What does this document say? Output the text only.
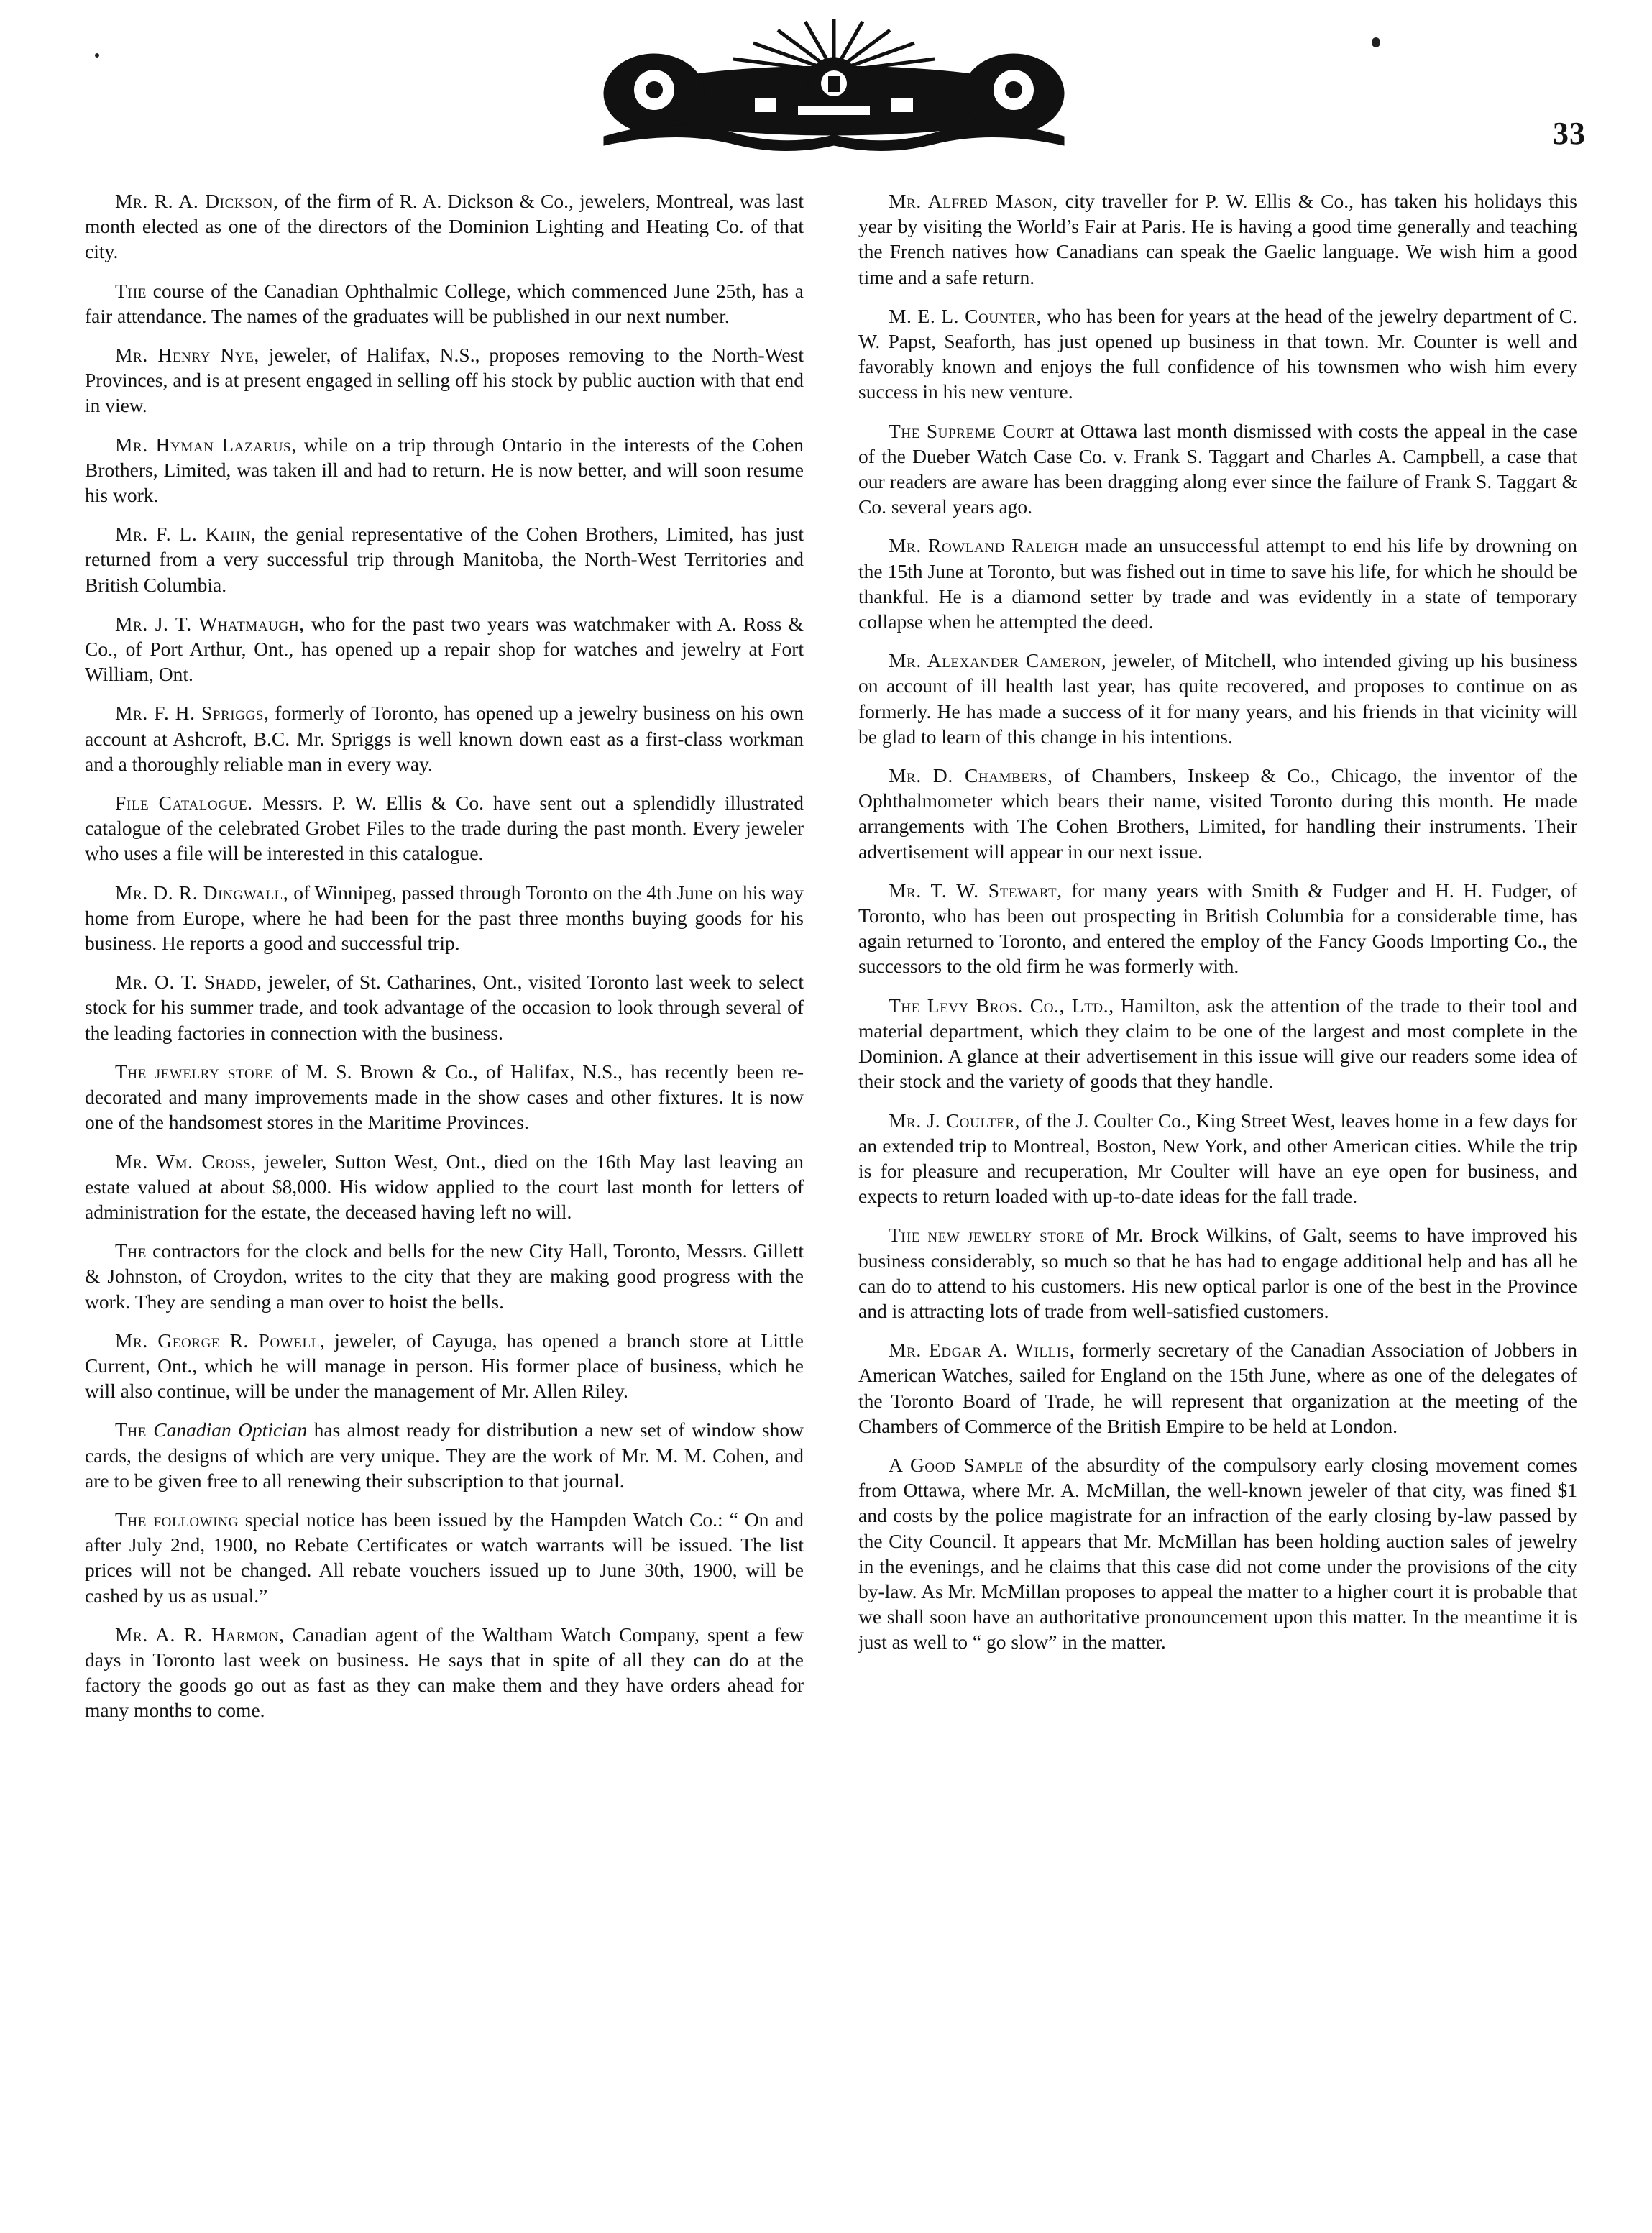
33

Mr. R. A. Dickson, of the firm of R. A. Dickson & Co., jewelers, Montreal, was last month elected as one of the directors of the Dominion Lighting and Heating Co. of that city.

The course of the Canadian Ophthalmic College, which commenced June 25th, has a fair attendance. The names of the graduates will be published in our next number.

Mr. Henry Nye, jeweler, of Halifax, N.S., proposes removing to the North-West Provinces, and is at present engaged in selling off his stock by public auction with that end in view.

Mr. Hyman Lazarus, while on a trip through Ontario in the interests of the Cohen Brothers, Limited, was taken ill and had to return. He is now better, and will soon resume his work.

Mr. F. L. Kahn, the genial representative of the Cohen Brothers, Limited, has just returned from a very successful trip through Manitoba, the North-West Territories and British Columbia.

Mr. J. T. Whatmaugh, who for the past two years was watchmaker with A. Ross & Co., of Port Arthur, Ont., has opened up a repair shop for watches and jewelry at Fort William, Ont.

Mr. F. H. Spriggs, formerly of Toronto, has opened up a jewelry business on his own account at Ashcroft, B.C. Mr. Spriggs is well known down east as a first-class workman and a thoroughly reliable man in every way.

File Catalogue. Messrs. P. W. Ellis & Co. have sent out a splendidly illustrated catalogue of the celebrated Grobet Files to the trade during the past month. Every jeweler who uses a file will be interested in this catalogue.

Mr. D. R. Dingwall, of Winnipeg, passed through Toronto on the 4th June on his way home from Europe, where he had been for the past three months buying goods for his business. He reports a good and successful trip.

Mr. O. T. Shadd, jeweler, of St. Catharines, Ont., visited Toronto last week to select stock for his summer trade, and took advantage of the occasion to look through several of the leading factories in connection with the business.

The jewelry store of M. S. Brown & Co., of Halifax, N.S., has recently been re-decorated and many improvements made in the show cases and other fixtures. It is now one of the handsomest stores in the Maritime Provinces.

Mr. Wm. Cross, jeweler, Sutton West, Ont., died on the 16th May last leaving an estate valued at about $8,000. His widow applied to the court last month for letters of administration for the estate, the deceased having left no will.

The contractors for the clock and bells for the new City Hall, Toronto, Messrs. Gillett & Johnston, of Croydon, writes to the city that they are making good progress with the work. They are sending a man over to hoist the bells.

Mr. George R. Powell, jeweler, of Cayuga, has opened a branch store at Little Current, Ont., which he will manage in person. His former place of business, which he will also continue, will be under the management of Mr. Allen Riley.

The Canadian Optician has almost ready for distribution a new set of window show cards, the designs of which are very unique. They are the work of Mr. M. M. Cohen, and are to be given free to all renewing their subscription to that journal.

The following special notice has been issued by the Hampden Watch Co.: “ On and after July 2nd, 1900, no Rebate Certificates or watch warrants will be issued. The list prices will not be changed. All rebate vouchers issued up to June 30th, 1900, will be cashed by us as usual.”

Mr. A. R. Harmon, Canadian agent of the Waltham Watch Company, spent a few days in Toronto last week on business. He says that in spite of all they can do at the factory the goods go out as fast as they can make them and they have orders ahead for many months to come.

Mr. Alfred Mason, city traveller for P. W. Ellis & Co., has taken his holidays this year by visiting the World’s Fair at Paris. He is having a good time generally and teaching the French natives how Canadians can speak the Gaelic language. We wish him a good time and a safe return.

M. E. L. Counter, who has been for years at the head of the jewelry department of C. W. Papst, Seaforth, has just opened up business in that town. Mr. Counter is well and favorably known and enjoys the full confidence of his townsmen who wish him every success in his new venture.

The Supreme Court at Ottawa last month dismissed with costs the appeal in the case of the Dueber Watch Case Co. v. Frank S. Taggart and Charles A. Campbell, a case that our readers are aware has been dragging along ever since the failure of Frank S. Taggart & Co. several years ago.

Mr. Rowland Raleigh made an unsuccessful attempt to end his life by drowning on the 15th June at Toronto, but was fished out in time to save his life, for which he should be thankful. He is a diamond setter by trade and was evidently in a state of temporary collapse when he attempted the deed.

Mr. Alexander Cameron, jeweler, of Mitchell, who intended giving up his business on account of ill health last year, has quite recovered, and proposes to continue on as formerly. He has made a success of it for many years, and his friends in that vicinity will be glad to learn of this change in his intentions.

Mr. D. Chambers, of Chambers, Inskeep & Co., Chicago, the inventor of the Ophthalmometer which bears their name, visited Toronto during this month. He made arrangements with The Cohen Brothers, Limited, for handling their instruments. Their advertisement will appear in our next issue.

Mr. T. W. Stewart, for many years with Smith & Fudger and H. H. Fudger, of Toronto, who has been out prospecting in British Columbia for a considerable time, has again returned to Toronto, and entered the employ of the Fancy Goods Importing Co., the successors to the old firm he was formerly with.

The Levy Bros. Co., Ltd., Hamilton, ask the attention of the trade to their tool and material department, which they claim to be one of the largest and most complete in the Dominion. A glance at their advertisement in this issue will give our readers some idea of their stock and the variety of goods that they handle.

Mr. J. Coulter, of the J. Coulter Co., King Street West, leaves home in a few days for an extended trip to Montreal, Boston, New York, and other American cities. While the trip is for pleasure and recuperation, Mr Coulter will have an eye open for business, and expects to return loaded with up-to-date ideas for the fall trade.

The new jewelry store of Mr. Brock Wilkins, of Galt, seems to have improved his business considerably, so much so that he has had to engage additional help and has all he can do to attend to his customers. His new optical parlor is one of the best in the Province and is attracting lots of trade from well-satisfied customers.

Mr. Edgar A. Willis, formerly secretary of the Canadian Association of Jobbers in American Watches, sailed for England on the 15th June, where as one of the delegates of the Toronto Board of Trade, he will represent that organization at the meeting of the Chambers of Commerce of the British Empire to be held at London.

A Good Sample of the absurdity of the compulsory early closing movement comes from Ottawa, where Mr. A. McMillan, the well-known jeweler of that city, was fined $1 and costs by the police magistrate for an infraction of the early closing by-law passed by the City Council. It appears that Mr. McMillan has been holding auction sales of jewelry in the evenings, and he claims that this case did not come under the provisions of the city by-law. As Mr. McMillan proposes to appeal the matter to a higher court it is probable that we shall soon have an authoritative pronouncement upon this matter. In the meantime it is just as well to “ go slow” in the matter.
